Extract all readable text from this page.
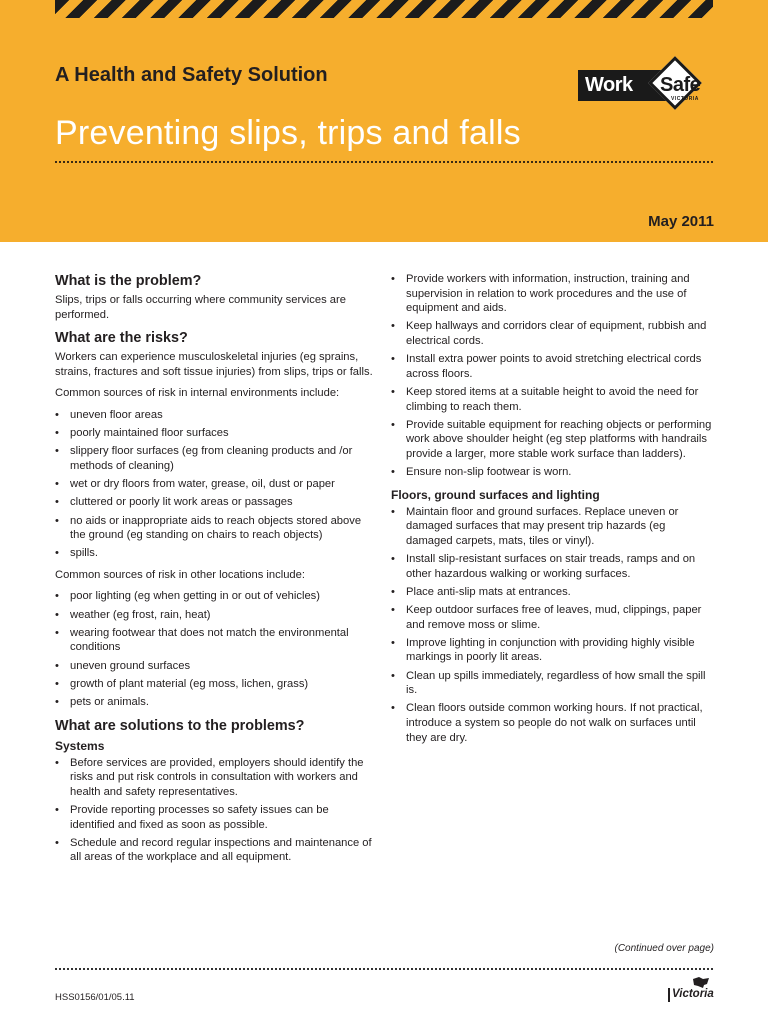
A Health and Safety Solution
Preventing slips, trips and falls
May 2011
Work Safe
VICTORIA
What is the problem?

Slips, trips or falls occurring where community services are performed.

What are the risks?

Workers can experience musculoskeletal injuries (eg sprains, strains, fractures and soft tissue injuries) from slips, trips or falls.

Common sources of risk in internal environments include:

• uneven floor areas
• poorly maintained floor surfaces
• slippery floor surfaces (eg from cleaning products and /or methods of cleaning)
• wet or dry floors from water, grease, oil, dust or paper
• cluttered or poorly lit work areas or passages
• no aids or inappropriate aids to reach objects stored above the ground (eg standing on chairs to reach objects)
• spills.

Common sources of risk in other locations include:

• poor lighting (eg when getting in or out of vehicles)
• weather (eg frost, rain, heat)
• wearing footwear that does not match the environmental conditions
• uneven ground surfaces
• growth of plant material (eg moss, lichen, grass)
• pets or animals.
What are solutions to the problems?
Systems
• Before services are provided, employers should identify the risks and put risk controls in consultation with workers and health and safety representatives.
• Provide reporting processes so safety issues can be identified and fixed as soon as possible.
• Schedule and record regular inspections and maintenance of all areas of the workplace and all equipment.
• Provide workers with information, instruction, training and supervision in relation to work procedures and the use of equipment and aids.
• Keep hallways and corridors clear of equipment, rubbish and electrical cords.
• Install extra power points to avoid stretching electrical cords across floors.
• Keep stored items at a suitable height to avoid the need for climbing to reach them.
• Provide suitable equipment for reaching objects or performing work above shoulder height (eg step platforms with handrails provide a larger, more stable work surface than ladders).
• Ensure non-slip footwear is worn.
Floors, ground surfaces and lighting
• Maintain floor and ground surfaces. Replace uneven or damaged surfaces that may present trip hazards (eg damaged carpets, mats, tiles or vinyl).
• Install slip-resistant surfaces on stair treads, ramps and on other hazardous walking or working surfaces.
• Place anti-slip mats at entrances.
• Keep outdoor surfaces free of leaves, mud, clippings, paper and remove moss or slime.
• Improve lighting in conjunction with providing highly visible markings in poorly lit areas.
• Clean up spills immediately, regardless of how small the spill is.
• Clean floors outside common working hours. If not practical, introduce a system so people do not walk on surfaces until they are dry.
(Continued over page)
HSS0156/01/05.11	Victoria
